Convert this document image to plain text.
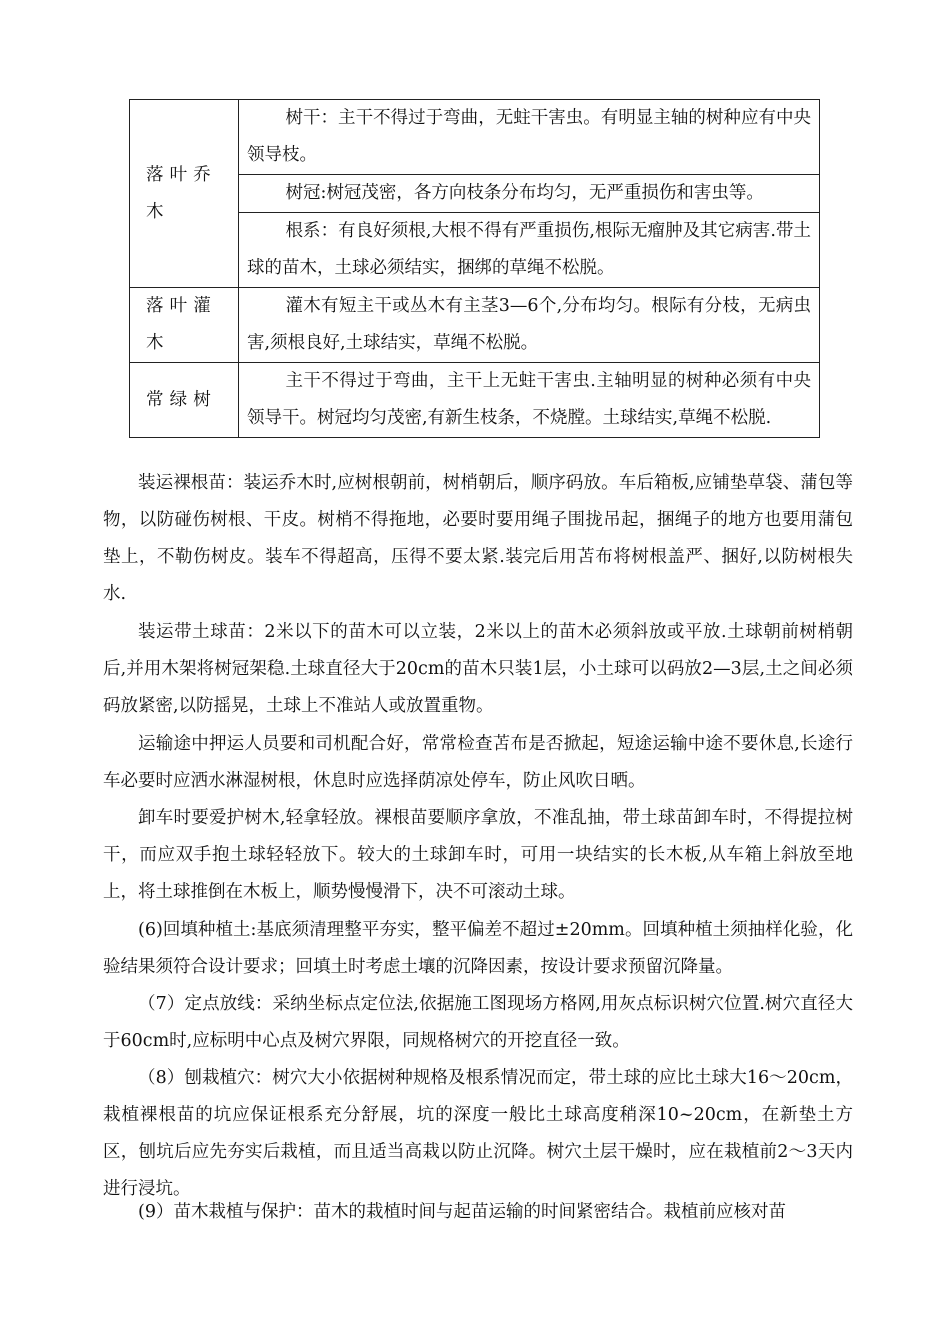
落叶乔木	树干：主干不得过于弯曲，无蛀干害虫。有明显主轴的树种应有中央领导枝。
	树冠:树冠茂密，各方向枝条分布均匀，无严重损伤和害虫等。
	根系：有良好须根,大根不得有严重损伤,根际无瘤肿及其它病害.带土球的苗木，土球必须结实，捆绑的草绳不松脱。
落叶灌木	灌木有短主干或丛木有主茎3—6个,分布均匀。根际有分枝，无病虫害,须根良好,土球结实，草绳不松脱。
常绿树	主干不得过于弯曲，主干上无蛀干害虫.主轴明显的树种必须有中央领导干。树冠均匀茂密,有新生枝条，不烧膛。土球结实,草绳不松脱.

装运裸根苗：装运乔木时,应树根朝前，树梢朝后，顺序码放。车后箱板,应铺垫草袋、蒲包等物，以防碰伤树根、干皮。树梢不得拖地，必要时要用绳子围拢吊起，捆绳子的地方也要用蒲包垫上，不勒伤树皮。装车不得超高，压得不要太紧.装完后用苫布将树根盖严、捆好,以防树根失水.

装运带土球苗：2米以下的苗木可以立装，2米以上的苗木必须斜放或平放.土球朝前树梢朝后,并用木架将树冠架稳.土球直径大于20cm的苗木只装1层，小土球可以码放2—3层,土之间必须码放紧密,以防摇晃，土球上不准站人或放置重物。

运输途中押运人员要和司机配合好，常常检查苫布是否掀起，短途运输中途不要休息,长途行车必要时应洒水淋湿树根，休息时应选择荫凉处停车，防止风吹日晒。

卸车时要爱护树木,轻拿轻放。裸根苗要顺序拿放，不准乱抽，带土球苗卸车时，不得提拉树干，而应双手抱土球轻轻放下。较大的土球卸车时，可用一块结实的长木板,从车箱上斜放至地上，将土球推倒在木板上，顺势慢慢滑下，决不可滚动土球。

(6)回填种植土:基底须清理整平夯实，整平偏差不超过±20mm。回填种植土须抽样化验，化验结果须符合设计要求；回填土时考虑土壤的沉降因素，按设计要求预留沉降量。

（7）定点放线：采纳坐标点定位法,依据施工图现场方格网,用灰点标识树穴位置.树穴直径大于60cm时,应标明中心点及树穴界限，同规格树穴的开挖直径一致。

（8）刨栽植穴：树穴大小依据树种规格及根系情况而定，带土球的应比土球大16～20cm，栽植裸根苗的坑应保证根系充分舒展，坑的深度一般比土球高度稍深10~20cm，在新垫土方区，刨坑后应先夯实后栽植，而且适当高栽以防止沉降。树穴土层干燥时，应在栽植前2～3天内进行浸坑。

(9）苗木栽植与保护：苗木的栽植时间与起苗运输的时间紧密结合。栽植前应核对苗
